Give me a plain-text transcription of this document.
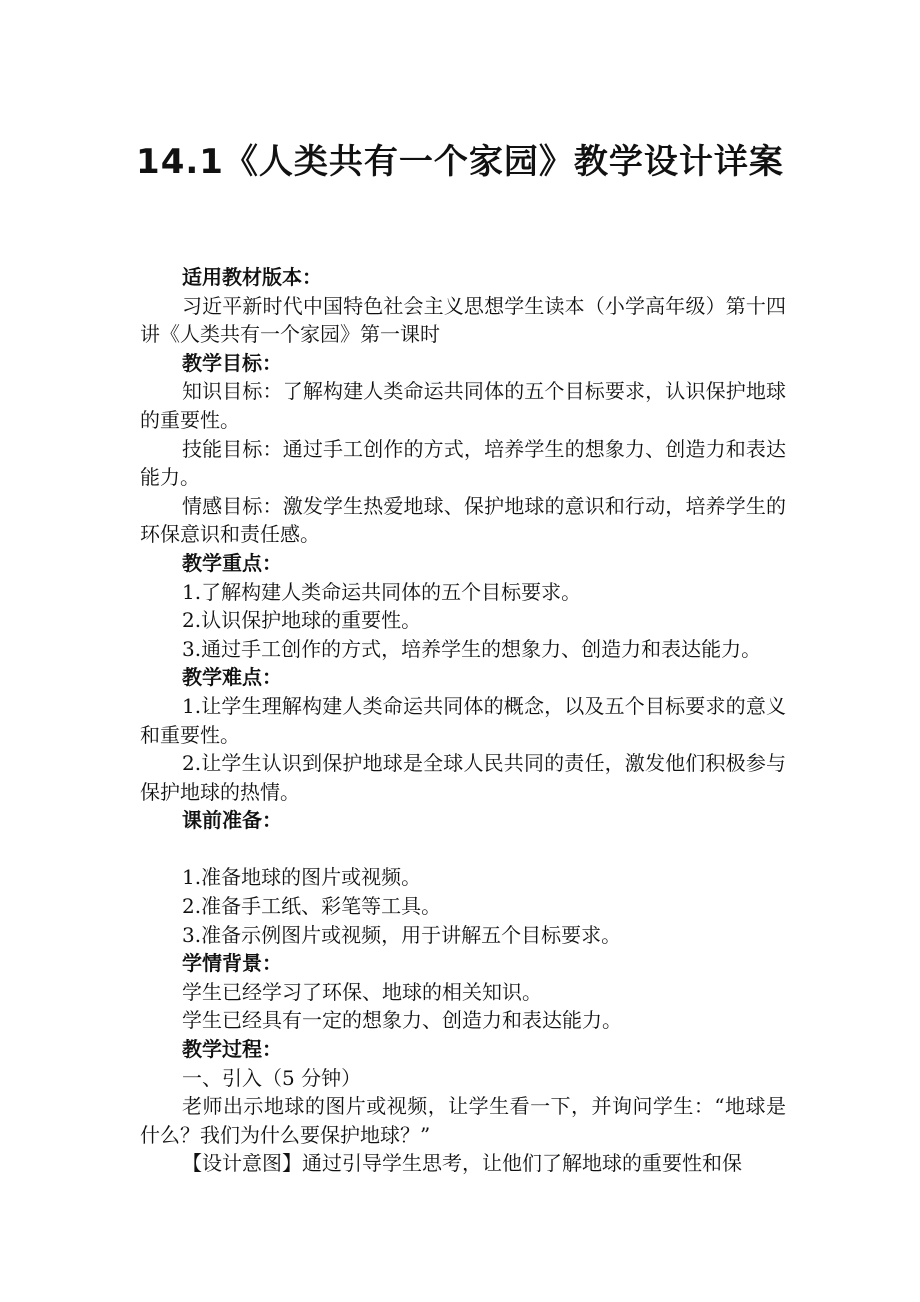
14.1《人类共有一个家园》教学设计详案

适用教材版本：

习近平新时代中国特色社会主义思想学生读本（小学高年级）第十四讲《人类共有一个家园》第一课时

教学目标：

知识目标：了解构建人类命运共同体的五个目标要求，认识保护地球的重要性。

技能目标：通过手工创作的方式，培养学生的想象力、创造力和表达能力。

情感目标：激发学生热爱地球、保护地球的意识和行动，培养学生的环保意识和责任感。

教学重点：

1.了解构建人类命运共同体的五个目标要求。

2.认识保护地球的重要性。

3.通过手工创作的方式，培养学生的想象力、创造力和表达能力。

教学难点：

1.让学生理解构建人类命运共同体的概念，以及五个目标要求的意义和重要性。

2.让学生认识到保护地球是全球人民共同的责任，激发他们积极参与保护地球的热情。

课前准备：

1.准备地球的图片或视频。

2.准备手工纸、彩笔等工具。

3.准备示例图片或视频，用于讲解五个目标要求。

学情背景：

学生已经学习了环保、地球的相关知识。

学生已经具有一定的想象力、创造力和表达能力。

教学过程：

一、引入（5 分钟）

老师出示地球的图片或视频，让学生看一下，并询问学生：“地球是什么？我们为什么要保护地球？”

【设计意图】通过引导学生思考，让他们了解地球的重要性和保
